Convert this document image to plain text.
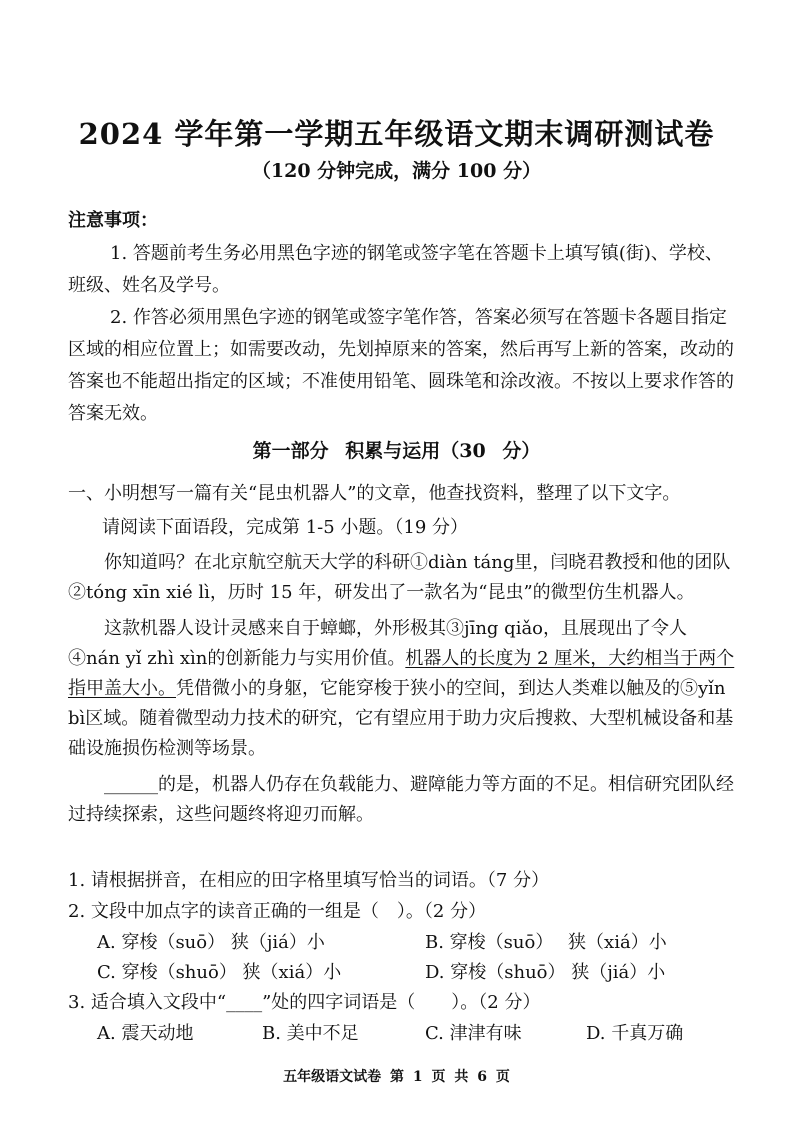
2024 学年第一学期五年级语文期末调研测试卷
（120 分钟完成，满分 100 分）
注意事项：
1. 答题前考生务必用黑色字迹的钢笔或签字笔在答题卡上填写镇(街)、学校、班级、姓名及学号。
2. 作答必须用黑色字迹的钢笔或签字笔作答，答案必须写在答题卡各题目指定区域的相应位置上；如需要改动，先划掉原来的答案，然后再写上新的答案，改动的答案也不能超出指定的区域；不准使用铅笔、圆珠笔和涂改液。不按以上要求作答的答案无效。
第一部分 积累与运用（30 分）
一、小明想写一篇有关“昆虫机器人”的文章，他查找资料，整理了以下文字。
请阅读下面语段，完成第 1-5 小题。（19 分）

你知道吗？在北京航空航天大学的科研①diàn táng里，闫晓君教授和他的团队②tóng xīn xié lì，历时 15 年，研发出了一款名为“昆虫”的微型仿生机器人。

这款机器人设计灵感来自于蟑螂，外形极其③jīng qiǎo，且展现出了令人④nán yǐ zhì xìn的创新能力与实用价值。机器人的长度为 2 厘米，大约相当于两个指甲盖大小。凭借微小的身躯，它能穿梭于狭小的空间，到达人类难以触及的⑤yǐn bì区域。随着微型动力技术的研究，它有望应用于助力灾后搜救、大型机械设备和基础设施损伤检测等场景。

______的是，机器人仍存在负载能力、避障能力等方面的不足。相信研究团队经过持续探索，这些问题终将迎刃而解。

1. 请根据拼音，在相应的田字格里填写恰当的词语。（7 分）
2. 文段中加点字的读音正确的一组是（　）。（2 分）
A. 穿梭（suō） 狭（jiá）小	B. 穿梭（suō）　 狭（xiá）小
C. 穿梭（shuō） 狭（xiá）小	D. 穿梭（shuō） 狭（jiá）小
3. 适合填入文段中“____”处的四字词语是（　　）。（2 分）
A. 震天动地	B. 美中不足	C. 津津有味	D. 千真万确
五年级语文试卷 第 1 页 共 6 页
